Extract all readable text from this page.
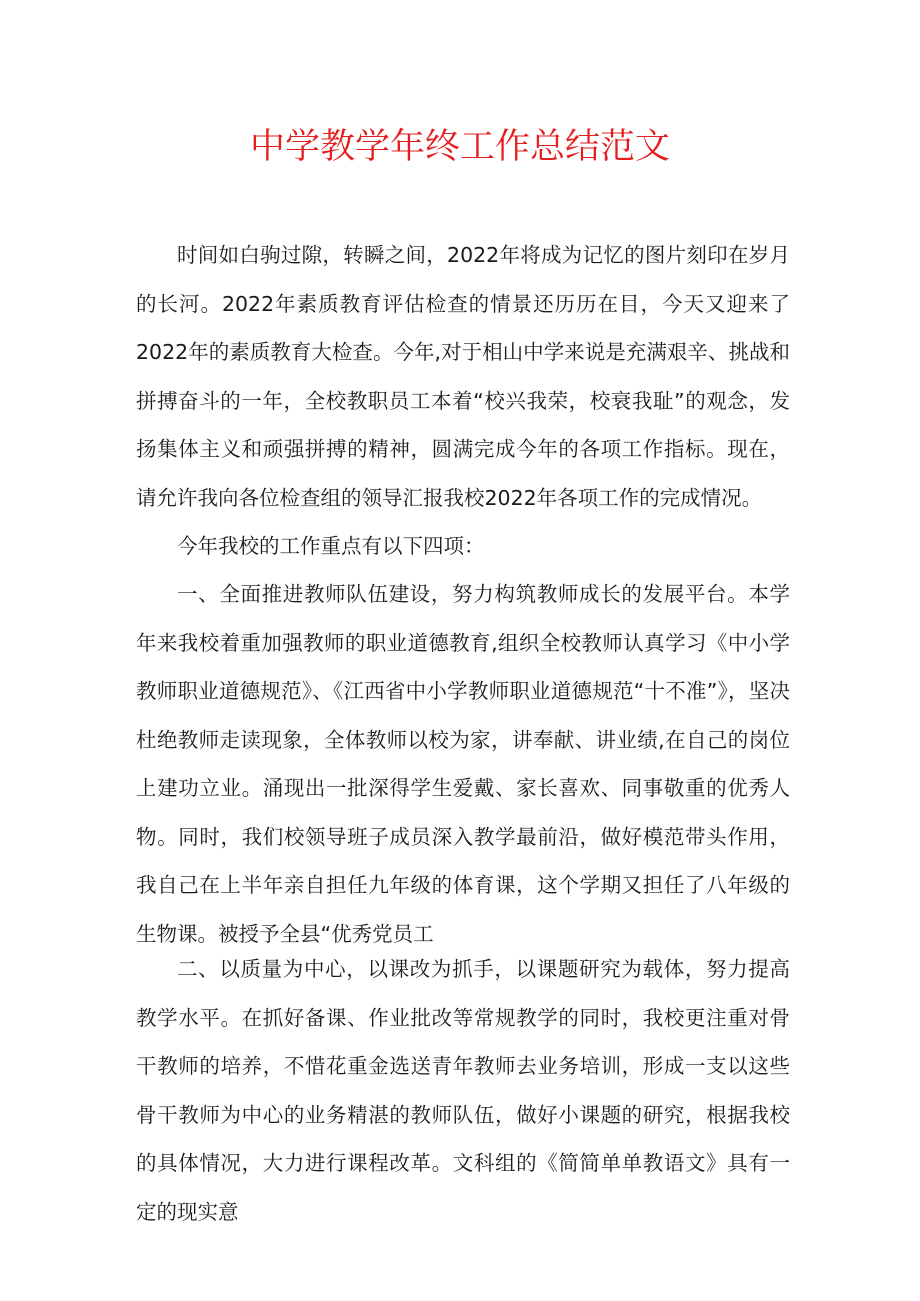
中学教学年终工作总结范文

时间如白驹过隙，转瞬之间，2022年将成为记忆的图片刻印在岁月的长河。2022年素质教育评估检查的情景还历历在目，今天又迎来了2022年的素质教育大检查。今年,对于相山中学来说是充满艰辛、挑战和拼搏奋斗的一年，全校教职员工本着“校兴我荣，校衰我耻”的观念，发扬集体主义和顽强拼搏的精神，圆满完成今年的各项工作指标。现在，请允许我向各位检查组的领导汇报我校2022年各项工作的完成情况。

今年我校的工作重点有以下四项：

一、全面推进教师队伍建设，努力构筑教师成长的发展平台。本学年来我校着重加强教师的职业道德教育,组织全校教师认真学习《中小学教师职业道德规范》、《江西省中小学教师职业道德规范“十不准”》，坚决杜绝教师走读现象，全体教师以校为家，讲奉献、讲业绩,在自己的岗位上建功立业。涌现出一批深得学生爱戴、家长喜欢、同事敬重的优秀人物。同时，我们校领导班子成员深入教学最前沿，做好模范带头作用，我自己在上半年亲自担任九年级的体育课，这个学期又担任了八年级的生物课。被授予全县“优秀党员工

二、以质量为中心，以课改为抓手，以课题研究为载体，努力提高教学水平。在抓好备课、作业批改等常规教学的同时，我校更注重对骨干教师的培养，不惜花重金选送青年教师去业务培训，形成一支以这些骨干教师为中心的业务精湛的教师队伍，做好小课题的研究，根据我校的具体情况，大力进行课程改革。文科组的《简简单单教语文》具有一定的现实意
